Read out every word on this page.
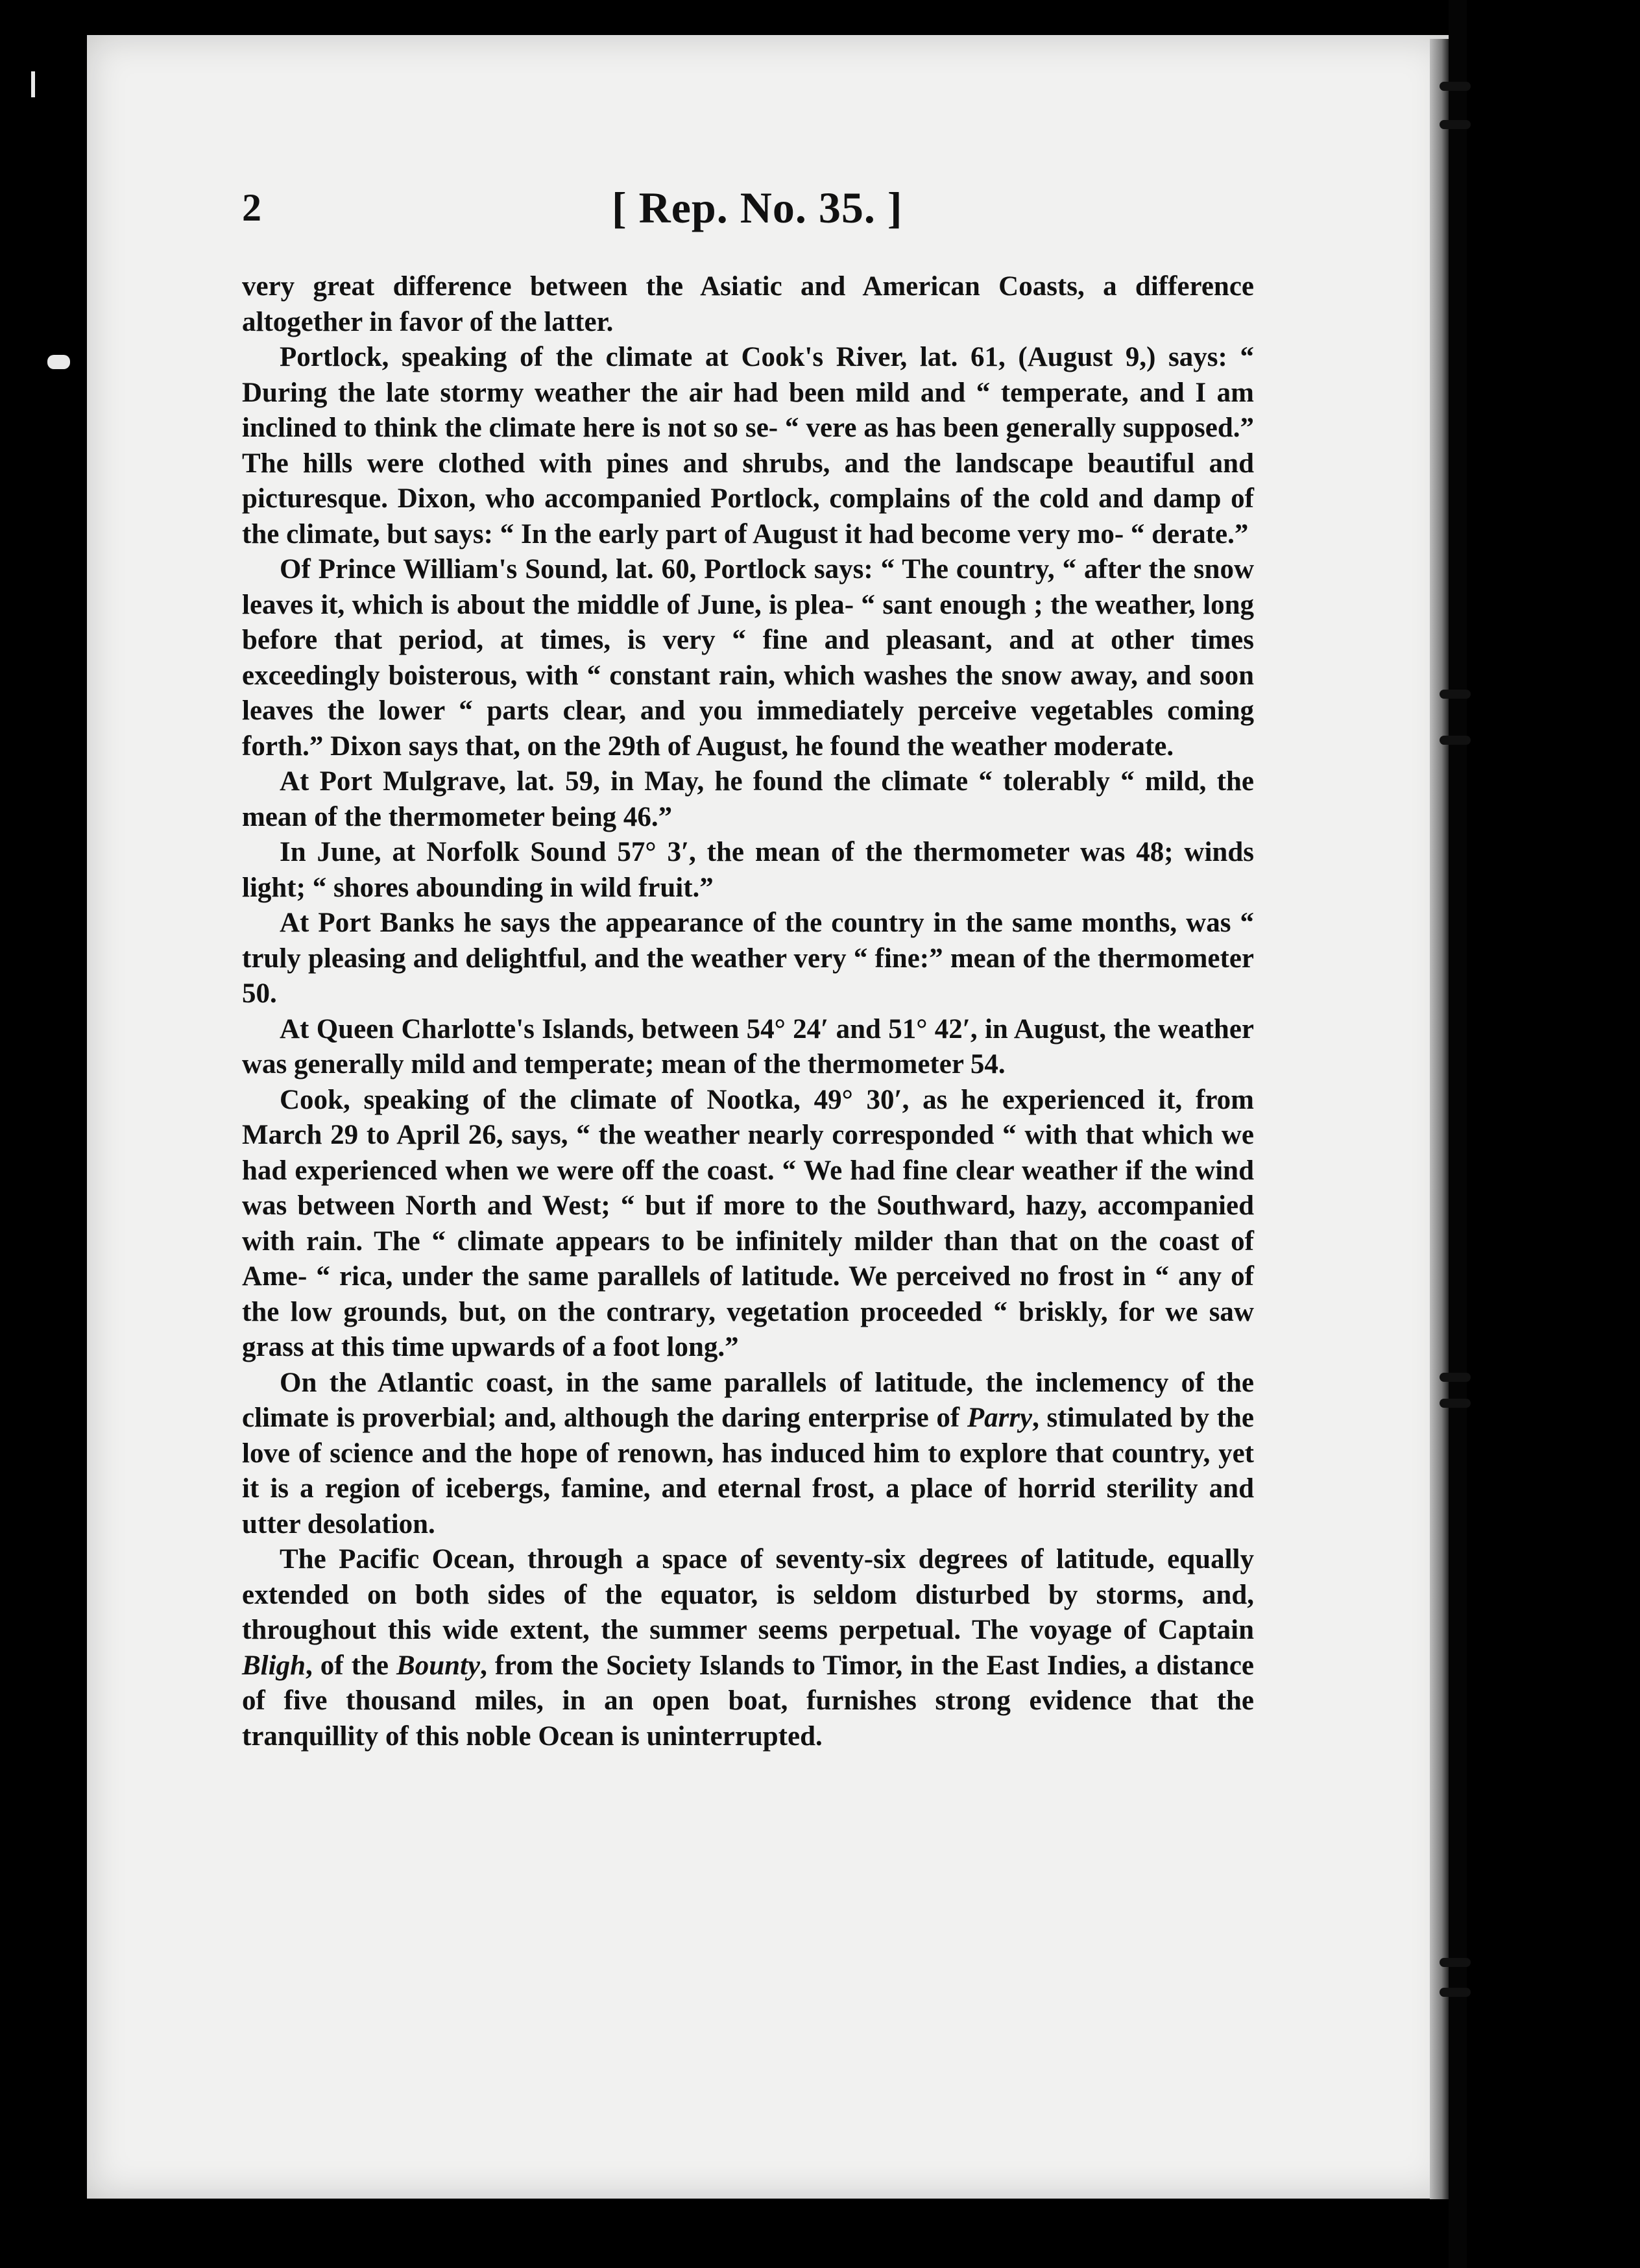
2	[ Rep. No. 35. ]

very great difference between the Asiatic and American Coasts, a difference altogether in favor of the latter.

Portlock, speaking of the climate at Cook's River, lat. 61, (August 9,) says: “ During the late stormy weather the air had been mild and “ temperate, and I am inclined to think the climate here is not so se- “ vere as has been generally supposed.” The hills were clothed with pines and shrubs, and the landscape beautiful and picturesque. Dixon, who accompanied Portlock, complains of the cold and damp of the climate, but says: “ In the early part of August it had become very mo- “ derate.”

Of Prince William's Sound, lat. 60, Portlock says: “ The country, “ after the snow leaves it, which is about the middle of June, is plea- “ sant enough ; the weather, long before that period, at times, is very “ fine and pleasant, and at other times exceedingly boisterous, with “ constant rain, which washes the snow away, and soon leaves the lower “ parts clear, and you immediately perceive vegetables coming forth.” Dixon says that, on the 29th of August, he found the weather moderate.

At Port Mulgrave, lat. 59, in May, he found the climate “ tolerably “ mild, the mean of the thermometer being 46.”

In June, at Norfolk Sound 57° 3′, the mean of the thermometer was 48; winds light; “ shores abounding in wild fruit.”

At Port Banks he says the appearance of the country in the same months, was “ truly pleasing and delightful, and the weather very “ fine:” mean of the thermometer 50.

At Queen Charlotte's Islands, between 54° 24′ and 51° 42′, in August, the weather was generally mild and temperate; mean of the thermometer 54.

Cook, speaking of the climate of Nootka, 49° 30′, as he experienced it, from March 29 to April 26, says, “ the weather nearly corresponded “ with that which we had experienced when we were off the coast. “ We had fine clear weather if the wind was between North and West; “ but if more to the Southward, hazy, accompanied with rain. The “ climate appears to be infinitely milder than that on the coast of Ame- “ rica, under the same parallels of latitude. We perceived no frost in “ any of the low grounds, but, on the contrary, vegetation proceeded “ briskly, for we saw grass at this time upwards of a foot long.”

On the Atlantic coast, in the same parallels of latitude, the inclemency of the climate is proverbial; and, although the daring enterprise of Parry, stimulated by the love of science and the hope of renown, has induced him to explore that country, yet it is a region of icebergs, famine, and eternal frost, a place of horrid sterility and utter desolation.

The Pacific Ocean, through a space of seventy-six degrees of latitude, equally extended on both sides of the equator, is seldom disturbed by storms, and, throughout this wide extent, the summer seems perpetual. The voyage of Captain Bligh, of the Bounty, from the Society Islands to Timor, in the East Indies, a distance of five thousand miles, in an open boat, furnishes strong evidence that the tranquillity of this noble Ocean is uninterrupted.
